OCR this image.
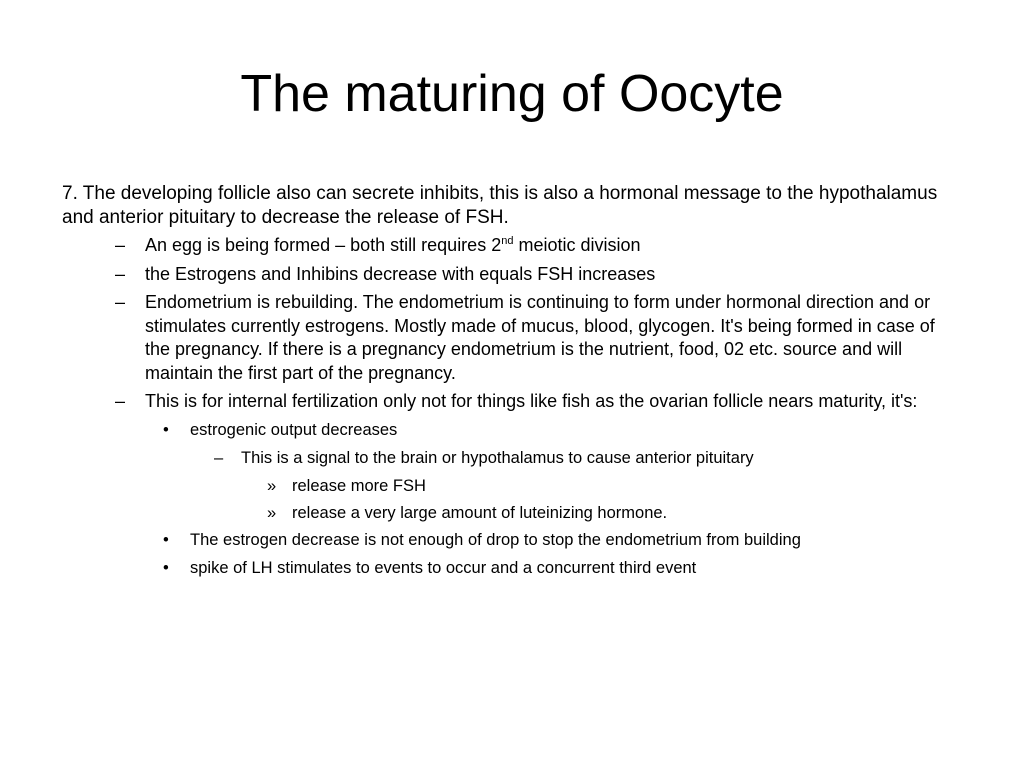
The maturing of Oocyte

7. The developing follicle also can secrete inhibits, this is also a hormonal message to the hypothalamus and anterior pituitary to decrease the release of FSH.

– An egg is being formed – both still requires 2nd meiotic division
– the Estrogens and Inhibins decrease with equals FSH increases
– Endometrium is rebuilding. The endometrium is continuing to form under hormonal direction and or stimulates currently estrogens. Mostly made of mucus, blood, glycogen. It's being formed in case of the pregnancy. If there is a pregnancy endometrium is the nutrient, food, 02 etc. source and will maintain the first part of the pregnancy.
– This is for internal fertilization only not for things like fish as the ovarian follicle nears maturity, it's:
• estrogenic output decreases
– This is a signal to the brain or hypothalamus to cause anterior pituitary
» release more FSH
» release a very large amount of luteinizing hormone.
• The estrogen decrease is not enough of drop to stop the endometrium from building
• spike of LH stimulates to events to occur and a concurrent third event
